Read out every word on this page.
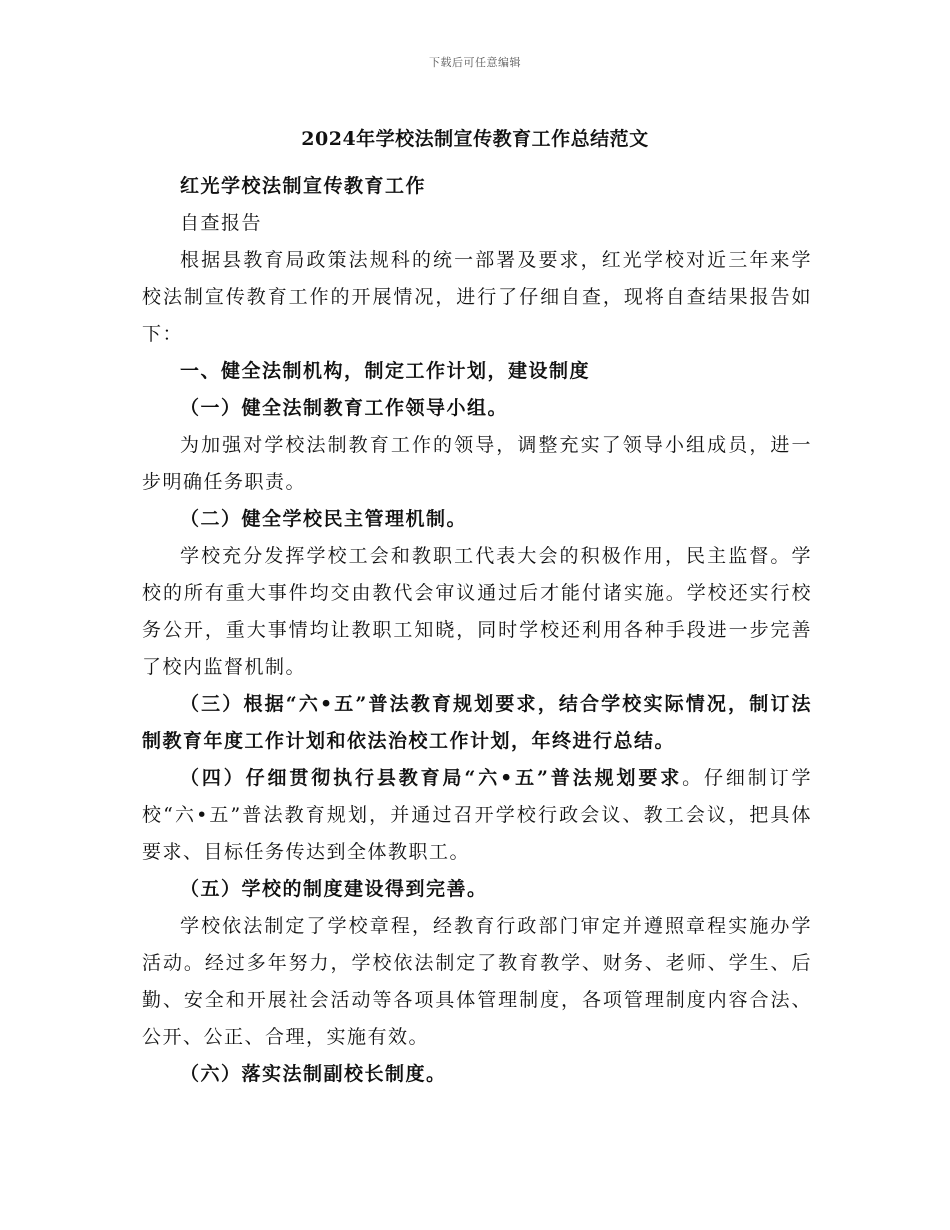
下载后可任意编辑
2024年学校法制宣传教育工作总结范文

红光学校法制宣传教育工作

自查报告

根据县教育局政策法规科的统一部署及要求，红光学校对近三年来学校法制宣传教育工作的开展情况，进行了仔细自查，现将自查结果报告如下：

一、健全法制机构，制定工作计划，建设制度

（一）健全法制教育工作领导小组。

为加强对学校法制教育工作的领导，调整充实了领导小组成员，进一步明确任务职责。

（二）健全学校民主管理机制。

学校充分发挥学校工会和教职工代表大会的积极作用，民主监督。学校的所有重大事件均交由教代会审议通过后才能付诸实施。学校还实行校务公开，重大事情均让教职工知晓，同时学校还利用各种手段进一步完善了校内监督机制。

（三）根据“六•五”普法教育规划要求，结合学校实际情况，制订法制教育年度工作计划和依法治校工作计划，年终进行总结。

（四）仔细贯彻执行县教育局“六•五”普法规划要求。仔细制订学校“六•五”普法教育规划，并通过召开学校行政会议、教工会议，把具体要求、目标任务传达到全体教职工。

（五）学校的制度建设得到完善。

学校依法制定了学校章程，经教育行政部门审定并遵照章程实施办学活动。经过多年努力，学校依法制定了教育教学、财务、老师、学生、后勤、安全和开展社会活动等各项具体管理制度，各项管理制度内容合法、公开、公正、合理，实施有效。

（六）落实法制副校长制度。
